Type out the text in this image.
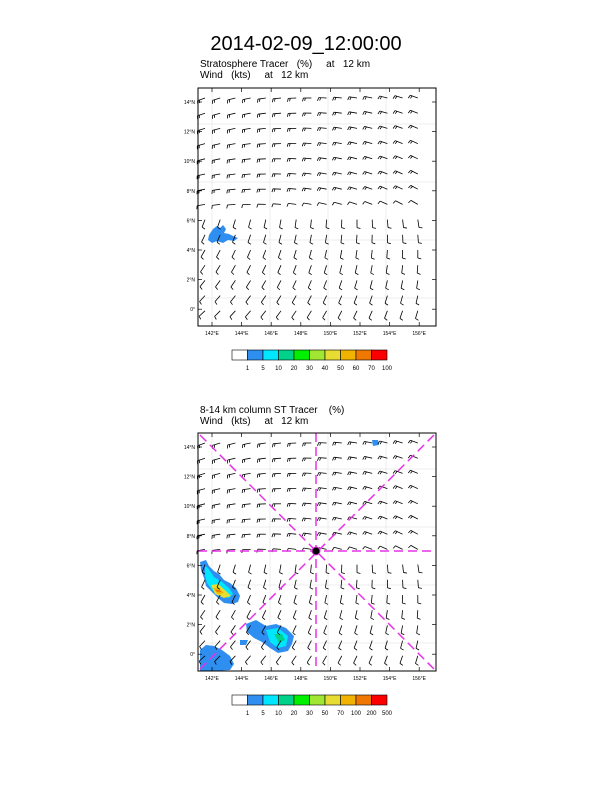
2014-02-09_12:00:00
Stratosphere Tracer   (%)     at   12 km
Wind   (kts)     at   12 km
8-14 km column ST Tracer    (%)
Wind   (kts)     at   12 km
14°N
12°N
10°N
8°N
6°N
4°N
2°N
0°
142°E	144°E	146°E	148°E	150°E	152°E	154°E	156°E
1 5 10 20 30 40 50 60 70 100
14°N
12°N
10°N
8°N
6°N
4°N
2°N
0°
142°E	144°E	146°E	148°E	150°E	152°E	154°E	156°E
1 5 10 20 30 50 70 100 200 500
